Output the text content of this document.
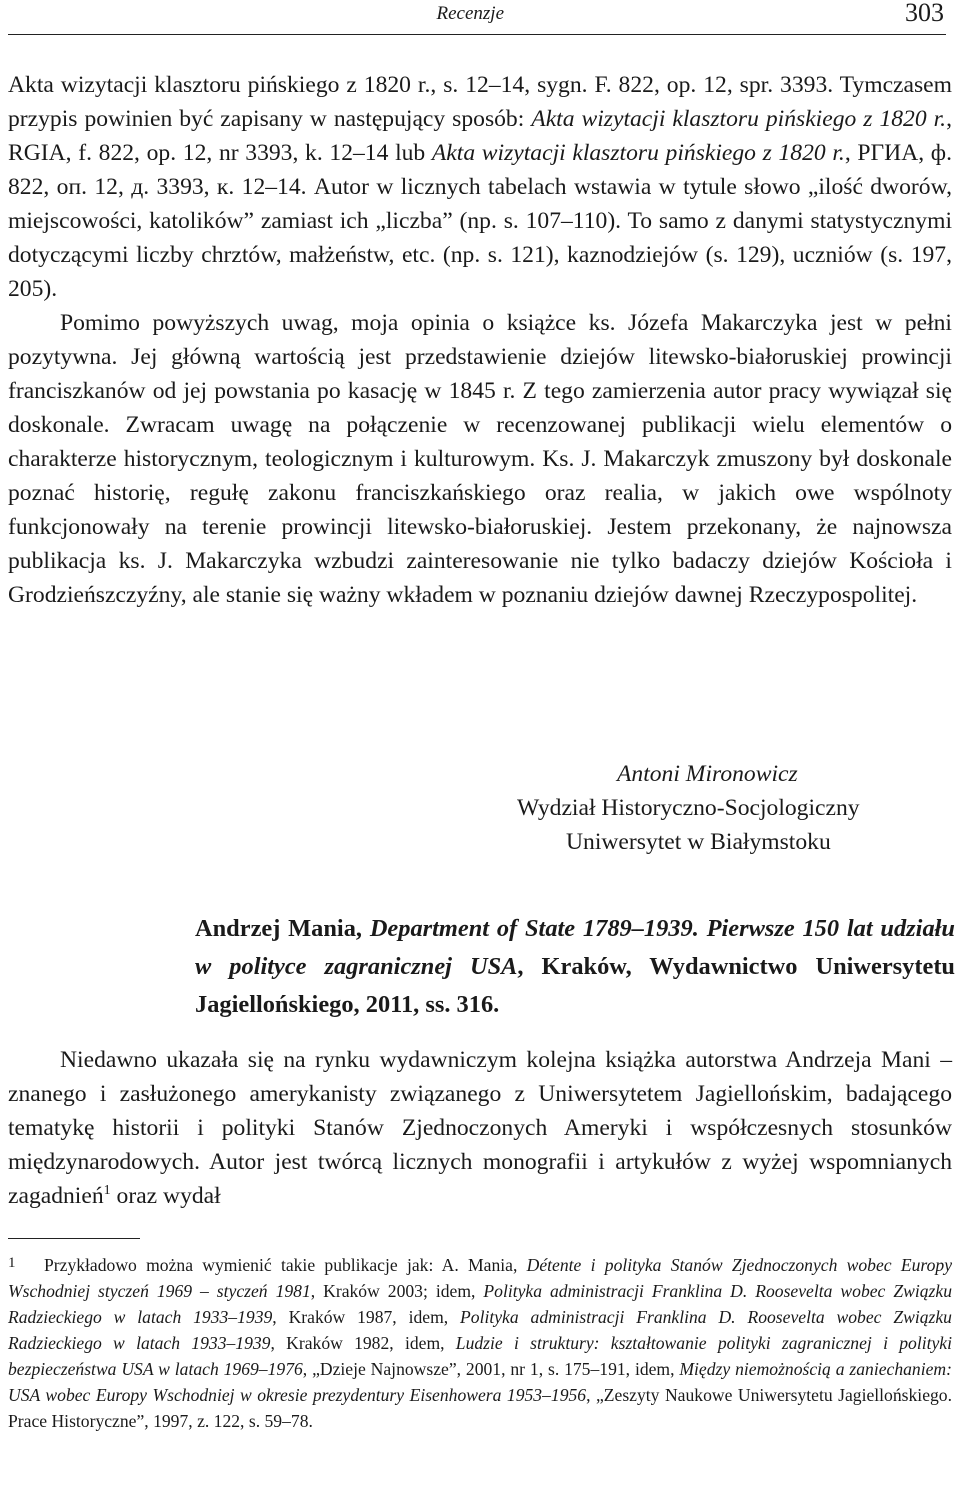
Recenzje	303

Akta wizytacji klasztoru pińskiego z 1820 r., s. 12–14, sygn. F. 822, op. 12, spr. 3393. Tymczasem przypis powinien być zapisany w następujący sposób: Akta wizytacji klasztoru pińskiego z 1820 r., RGIA, f. 822, op. 12, nr 3393, k. 12–14 lub Akta wizytacji klasztoru pińskiego z 1820 r., РГИА, ф. 822, оп. 12, д. 3393, к. 12–14. Autor w licznych tabelach wstawia w tytule słowo „ilość dworów, miejscowości, katolików” zamiast ich „liczba” (np. s. 107–110). To samo z danymi statystycznymi dotyczącymi liczby chrztów, małżeństw, etc. (np. s. 121), kaznodziejów (s. 129), uczniów (s. 197, 205).

Pomimo powyższych uwag, moja opinia o książce ks. Józefa Makarczyka jest w pełni pozytywna. Jej główną wartością jest przedstawienie dziejów litewsko-białoruskiej prowincji franciszkanów od jej powstania po kasację w 1845 r. Z tego zamierzenia autor pracy wywiązał się doskonale. Zwracam uwagę na połączenie w recenzowanej publikacji wielu elementów o charakterze historycznym, teologicznym i kulturowym. Ks. J. Makarczyk zmuszony był doskonale poznać historię, regułę zakonu franciszkańskiego oraz realia, w jakich owe wspólnoty funkcjonowały na terenie prowincji litewsko-białoruskiej. Jestem przekonany, że najnowsza publikacja ks. J. Makarczyka wzbudzi zainteresowanie nie tylko badaczy dziejów Kościoła i Grodzieńszczyźny, ale stanie się ważny wkładem w poznaniu dziejów dawnej Rzeczypospolitej.

Antoni Mironowicz
Wydział Historyczno-Socjologiczny
Uniwersytet w Białymstoku
Andrzej Mania, Department of State 1789–1939. Pierwsze 150 lat udziału w polityce zagranicznej USA, Kraków, Wydawnictwo Uniwersytetu Jagiellońskiego, 2011, ss. 316.

Niedawno ukazała się na rynku wydawniczym kolejna książka autorstwa Andrzeja Mani – znanego i zasłużonego amerykanisty związanego z Uniwersytetem Jagiellońskim, badającego tematykę historii i polityki Stanów Zjednoczonych Ameryki i współczesnych stosunków międzynarodowych. Autor jest twórcą licznych monografii i artykułów z wyżej wspomnianych zagadnień$^1$ oraz wydał

1 Przykładowo można wymienić takie publikacje jak: A. Mania, Détente i polityka Stanów Zjednoczonych wobec Europy Wschodniej styczeń 1969 – styczeń 1981, Kraków 2003; idem, Polityka administracji Franklina D. Roosevelta wobec Związku Radzieckiego w latach 1933–1939, Kraków 1987, idem, Polityka administracji Franklina D. Roosevelta wobec Związku Radzieckiego w latach 1933–1939, Kraków 1982, idem, Ludzie i struktury: kształtowanie polityki zagranicznej i polityki bezpieczeństwa USA w latach 1969–1976, „Dzieje Najnowsze”, 2001, nr 1, s. 175–191, idem, Między niemożnością a zaniechaniem: USA wobec Europy Wschodniej w okresie prezydentury Eisenhowera 1953–1956, „Zeszyty Naukowe Uniwersytetu Jagiellońskiego. Prace Historyczne”, 1997, z. 122, s. 59–78.
